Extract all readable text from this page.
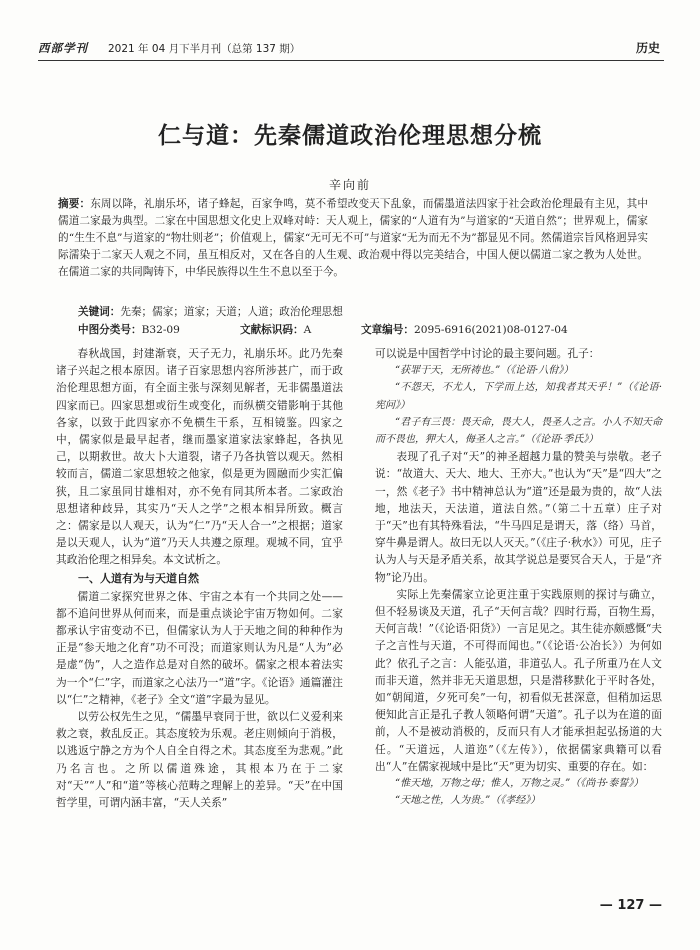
西部学刊 2021 年 04 月下半月刊（总第 137 期）	历史
仁与道：先秦儒道政治伦理思想分梳
辛向前
摘要：东周以降，礼崩乐坏，诸子蜂起，百家争鸣，莫不希望改变天下乱象，而儒墨道法四家于社会政治伦理最有主见，其中儒道二家最为典型。二家在中国思想文化史上双峰对峙：天人观上，儒家的“人道有为”与道家的“天道自然”；世界观上，儒家的“生生不息”与道家的“物壮则老”；价值观上，儒家“无可无不可”与道家“无为而无不为”都显见不同。然儒道宗旨风格迥异实际濡染于二家天人观之不同，虽互相反对，又在各自的人生观、政治观中得以完美结合，中国人便以儒道二家之教为人处世。在儒道二家的共同陶铸下，中华民族得以生生不息以至于今。
关键词：先秦；儒家；道家；天道；人道；政治伦理思想
中图分类号：B32-09	文献标识码：A	文章编号：2095-6916(2021)08-0127-04

春秋战国，封建渐衰，天子无力，礼崩乐坏。此乃先秦诸子兴起之根本原因。诸子百家思想内容所涉甚广，而于政治伦理思想方面，有全面主张与深刻见解者，无非儒墨道法四家而已。四家思想或衍生或变化，而纵横交错影响于其他各家，以致于此四家亦不免横生干系，互相镜鉴。四家之中，儒家似是最早起者，继而墨家道家法家蜂起，各执见己，以期救世。故大卜大道裂，诸子乃各执管以观天。然相较而言，儒道二家思想较之他家，似是更为圆融而少实汇偏狭，且二家虽同甘雄相对，亦不免有同其所本者。二家政治思想诸种歧异，其实乃“天人之学”之根本相异所致。概言之：儒家是以人观天，认为“仁”乃“天人合一”之根据；道家是以天观人，认为“道”乃天人共遵之原理。观城不同，宜乎其政治伦理之相异矣。本文试析之。

一、人道有为与天道自然

儒道二家探究世界之体、宇宙之本有一个共同之处——都不追问世界从何而来，而是重点谈论宇宙万物如何。二家都承认宇宙变动不已，但儒家认为人于天地之间的种种作为正是“参天地之化育”功不可没；而道家则认为凡是“人为”必是虚“伪”，人之造作总是对自然的破坏。儒家之根本着法实为一个“仁”字，而道家之心法乃一“道”字。《论语》通篇灌注以“仁”之精神，《老子》全文“道”字最为显见。

以劳公权先生之见，“儒墨早衰同于世，欲以仁义爱利来救之衰，救乱反正。其态度较为乐观。老庄则倾向于消极，以逃返宁静之方为个人自全自得之术。其态度至为悲观。”此乃名言也。之所以儒道殊途，其根本乃在于二家对“天”“人”和“道”等核心范畴之理解上的差异。“天”在中国哲学里，可谓内涵丰富，“天人关系”

可以说是中国哲学中讨论的最主要问题。孔子：

“获罪于天，无所祷也。”（《论语·八佾》）

“不怨天，不尤人，下学而上达，知我者其天乎！”（《论语·宪问》）

“君子有三畏：畏天命，畏大人，畏圣人之言。小人不知天命而不畏也，狎大人，侮圣人之言。”（《论语·季氏》）

表现了孔子对“天”的神圣超越力量的赞美与崇敬。老子说：“故道大、天大、地大、王亦大。”也认为“天”是“四大”之一，然《老子》书中精神总认为“道”还是最为贵的，故“人法地，地法天，天法道，道法自然。”（第二十五章）庄子对于“天”也有其特殊看法，“牛马四足是谓天，落（络）马首，穿牛鼻是谓人。故曰无以人灭天。”（《庄子·秋水》）可见，庄子认为人与天是矛盾关系，故其学说总是要冥合天人，于是“齐物”论乃出。

实际上先秦儒家立论更注重于实践原则的探讨与确立，但不轻易谈及天道，孔子“天何言哉？四时行焉，百物生焉，天何言哉！”（《论语·阳货》）一言足见之。其生徒亦颇感慨“夫子之言性与天道，不可得而闻也。”（《论语·公冶长》）为何如此？依孔子之言：人能弘道，非道弘人。孔子所重乃在人文而非天道，然并非无天道思想，只是潜移默化于平时各处，如“朝闻道，夕死可矣”一句，初看似无甚深意，但稍加运思便知此言正是孔子教人领略何谓“天道”。孔子以为在道的面前，人不是被动消极的，反而只有人才能承担起弘扬道的大任。“天道远，人道迩”（《左传》），依据儒家典籍可以看出“人”在儒家视域中是比“天”更为切实、重要的存在。如：

“惟天地，万物之母；惟人，万物之灵。”（《尚书·泰誓》）

“天地之性，人为贵。”（《孝经》）

— 127 —
